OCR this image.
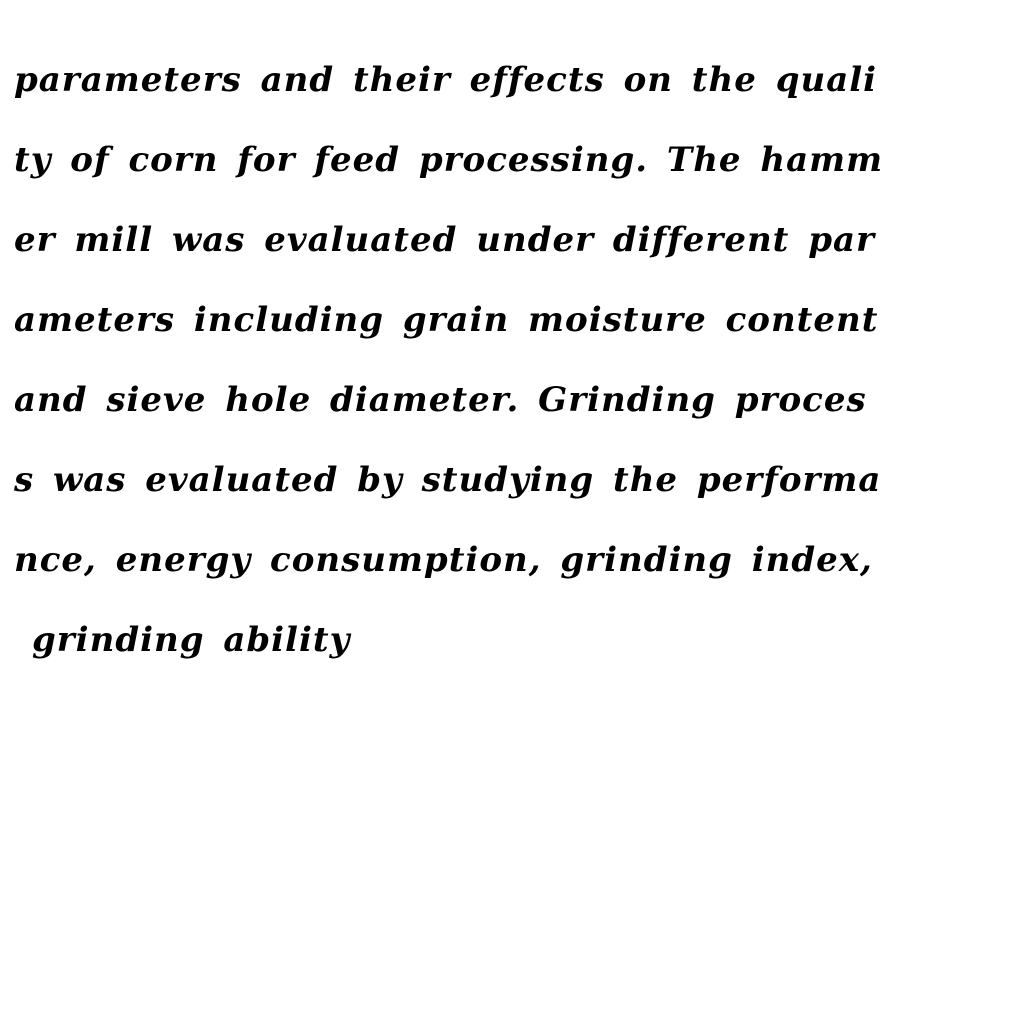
parameters and their effects on the quali
ty of corn for feed processing. The hamm
er mill was evaluated under different par
ameters including grain moisture content
and sieve hole diameter. Grinding proces
s was evaluated by studying the performa
nce, energy consumption, grinding index,
grinding ability
